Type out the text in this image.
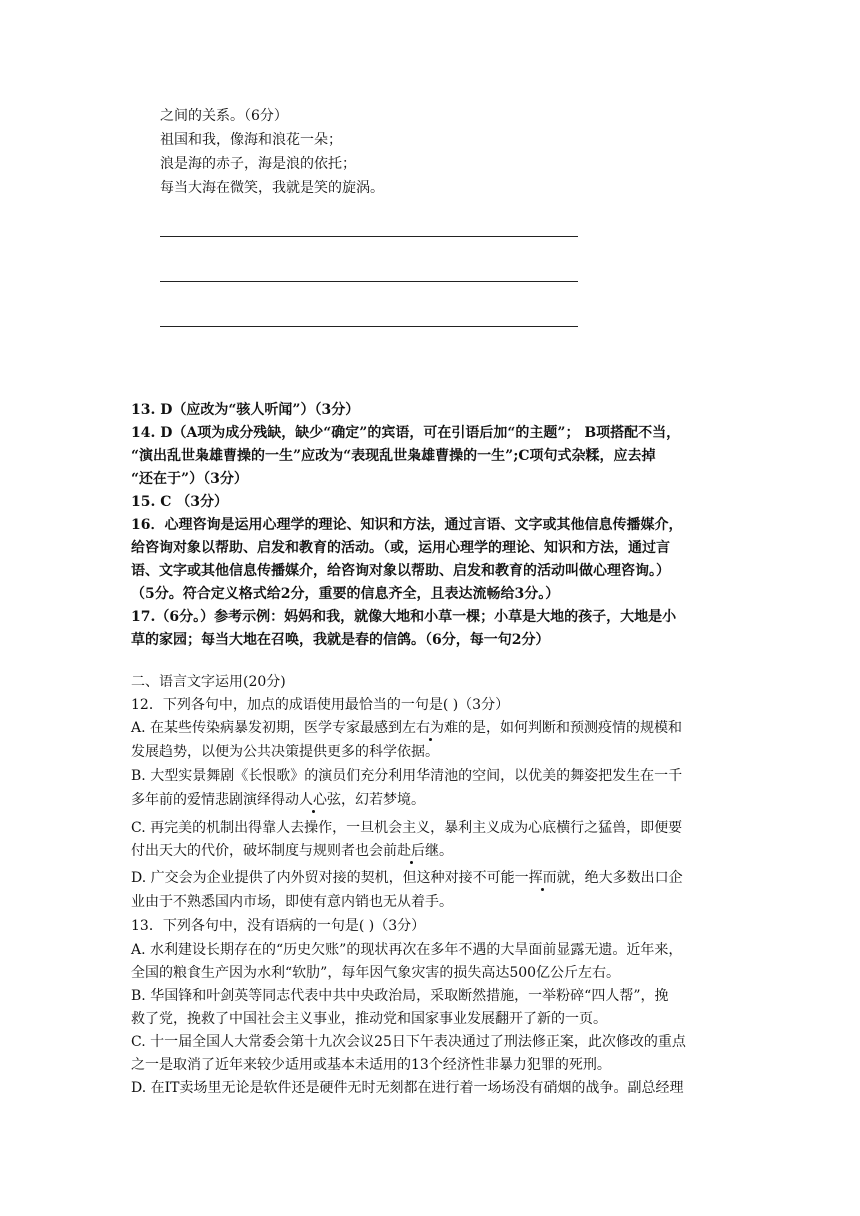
之间的关系。（6分）
祖国和我，像海和浪花一朵；
浪是海的赤子，海是浪的依托；
每当大海在微笑，我就是笑的旋涡。
13. D（应改为“骇人听闻”）（3分）
14. D（A项为成分残缺，缺少“确定”的宾语，可在引语后加“的主题”； B项搭配不当，
“演出乱世枭雄曹操的一生”应改为“表现乱世枭雄曹操的一生”;C项句式杂糅，应去掉
“还在于”）（3分）
15. C （3分）
16．心理咨询是运用心理学的理论、知识和方法，通过言语、文字或其他信息传播媒介，
给咨询对象以帮助、启发和教育的活动。（或，运用心理学的理论、知识和方法，通过言
语、文字或其他信息传播媒介，给咨询对象以帮助、启发和教育的活动叫做心理咨询。）
（5分。符合定义格式给2分，重要的信息齐全，且表达流畅给3分。）
17.（6分。）参考示例：妈妈和我，就像大地和小草一棵；小草是大地的孩子，大地是小
草的家园；每当大地在召唤，我就是春的信鸽。（6分，每一句2分）
二、语言文字运用(20分)
12．下列各句中，加点的成语使用最恰当的一句是( )（3分）
A. 在某些传染病暴发初期，医学专家最感到左右为难的是，如何判断和预测疫情的规模和
发展趋势，以便为公共决策提供更多的科学依据。
B. 大型实景舞剧《长恨歌》的演员们充分利用华清池的空间，以优美的舞姿把发生在一千
多年前的爱情悲剧演绎得动人心弦，幻若梦境。
C. 再完美的机制出得靠人去操作，一旦机会主义，暴利主义成为心底横行之猛兽，即便要
付出天大的代价，破坏制度与规则者也会前赴后继。
D. 广交会为企业提供了内外贸对接的契机，但这种对接不可能一挥而就，绝大多数出口企
业由于不熟悉国内市场，即使有意内销也无从着手。
13．下列各句中，没有语病的一句是( )（3分）
A. 水利建设长期存在的“历史欠账”的现状再次在多年不遇的大旱面前显露无遗。近年来，
全国的粮食生产因为水利“软肋”，每年因气象灾害的损失高达500亿公斤左右。
B. 华国锋和叶剑英等同志代表中共中央政治局，采取断然措施，一举粉碎“四人帮”，挽
救了党，挽救了中国社会主义事业，推动党和国家事业发展翻开了新的一页。
C. 十一届全国人大常委会第十九次会议25日下午表决通过了刑法修正案，此次修改的重点
之一是取消了近年来较少适用或基本未适用的13个经济性非暴力犯罪的死刑。
D. 在IT卖场里无论是软件还是硬件无时无刻都在进行着一场场没有硝烟的战争。副总经理
